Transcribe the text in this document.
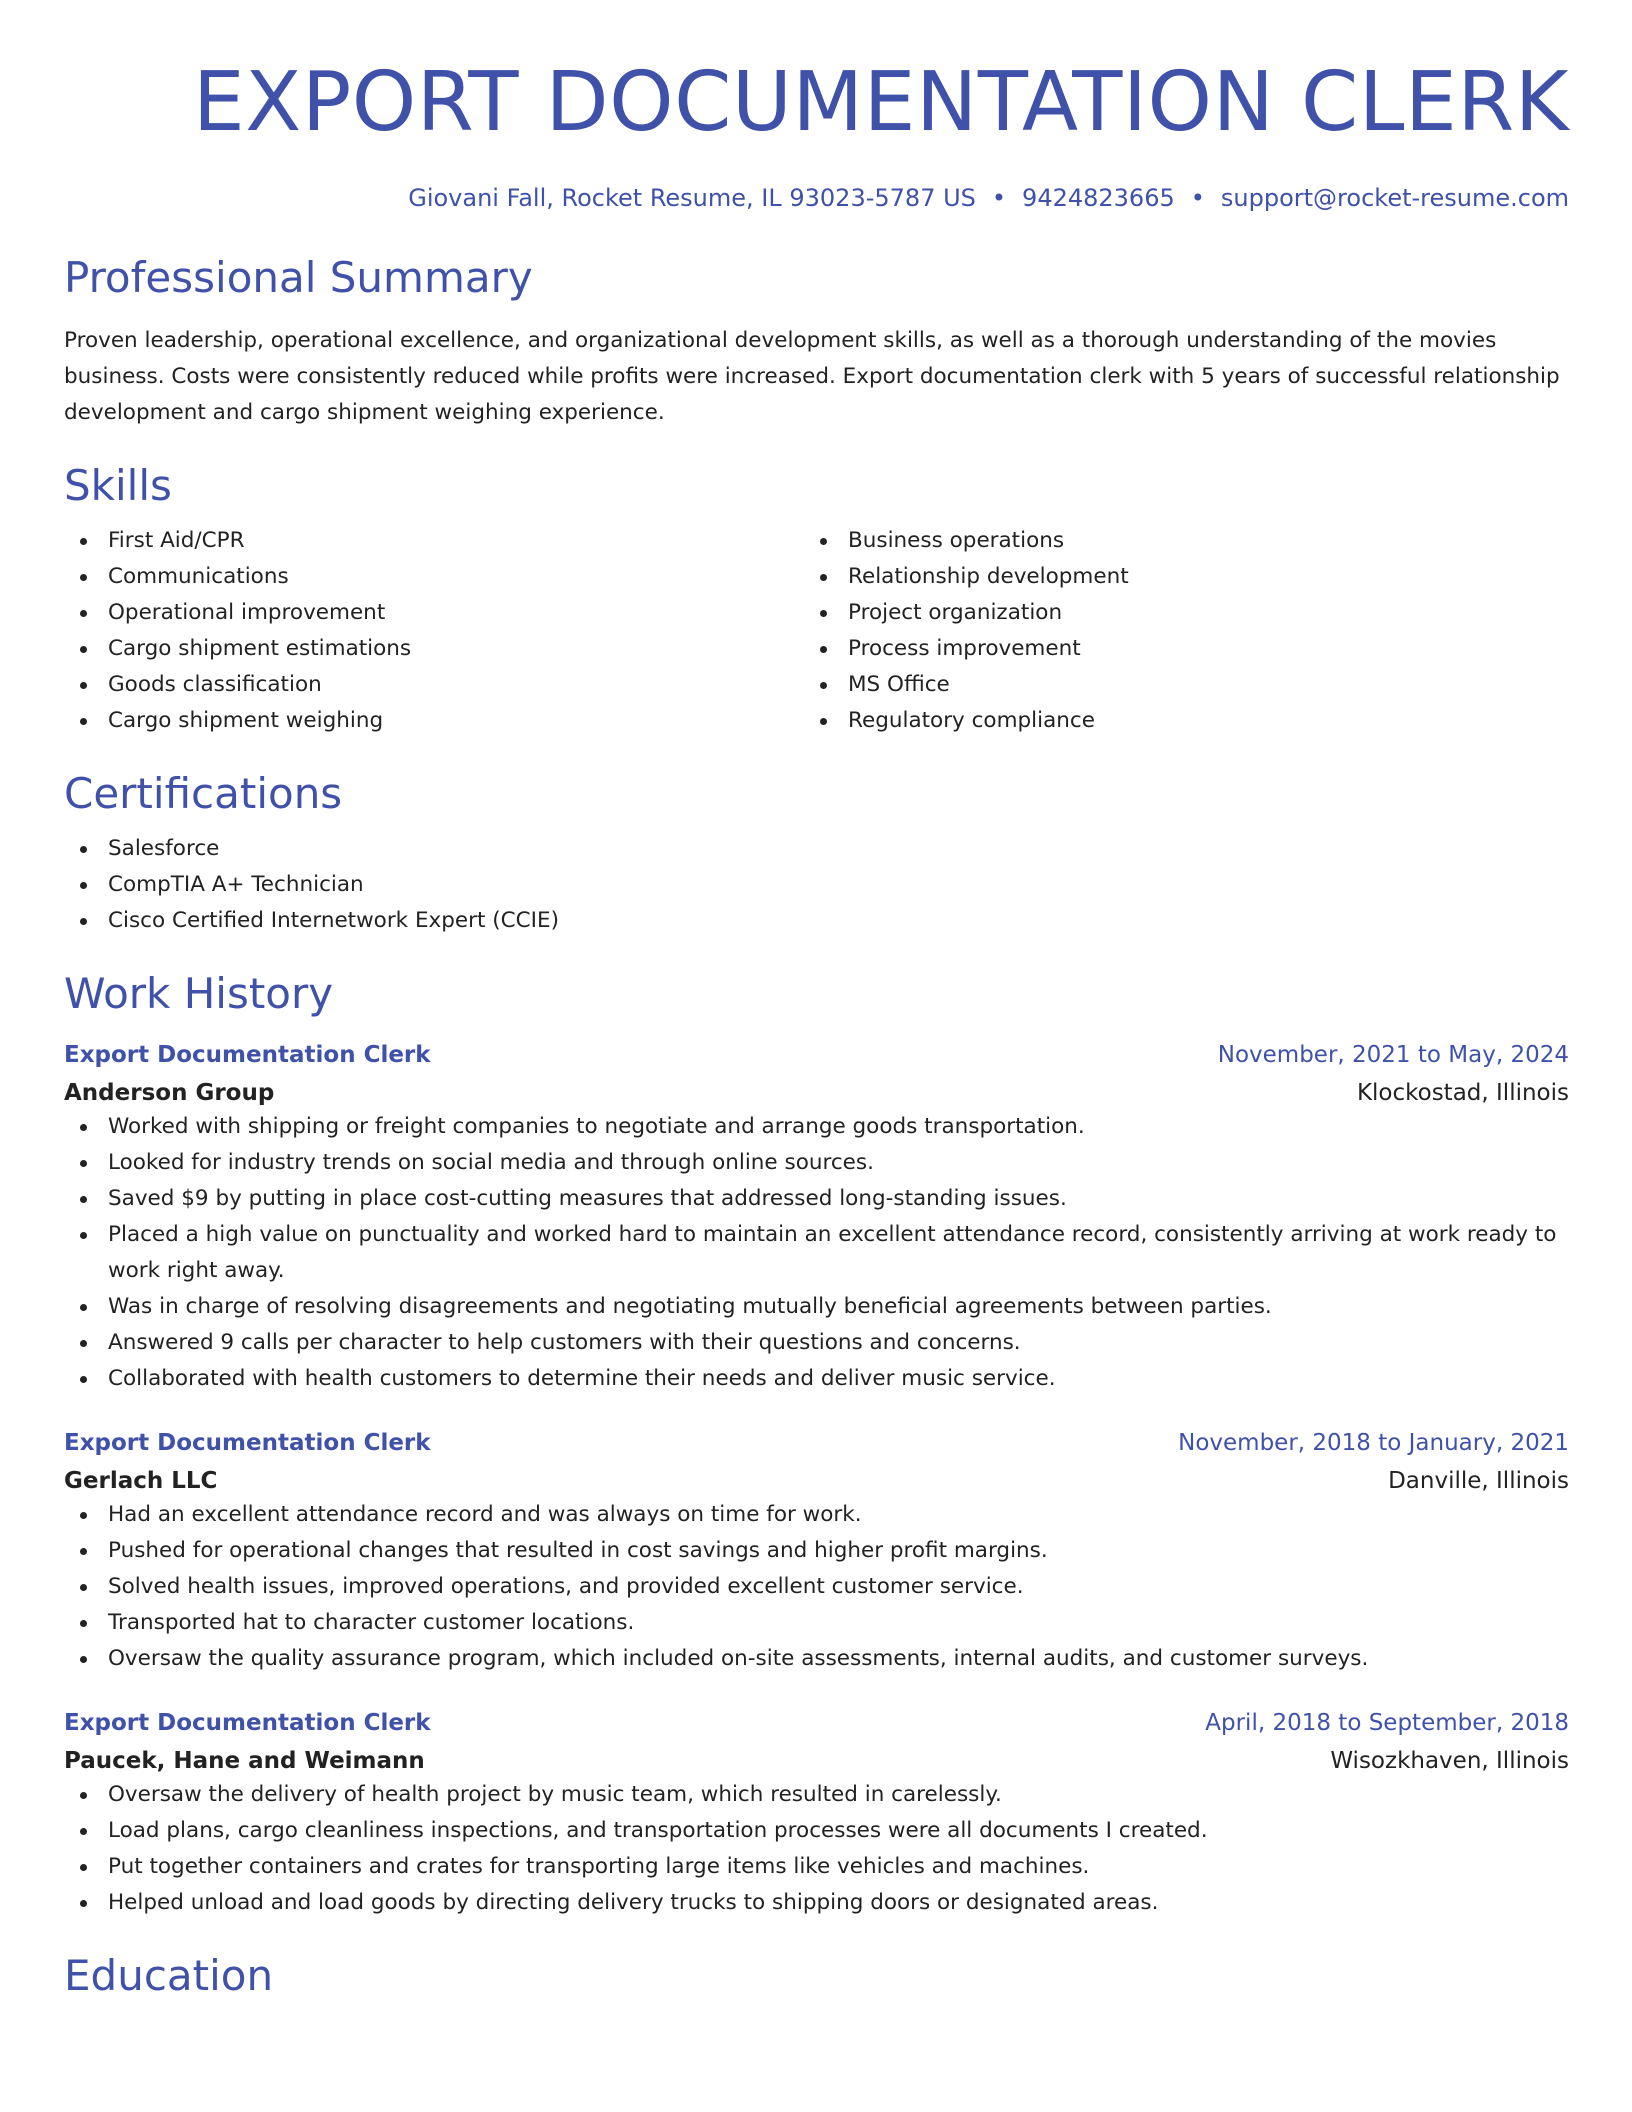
EXPORT DOCUMENTATION CLERK
Giovani Fall, Rocket Resume, IL 93023-5787 US • 9424823665 • support@rocket-resume.com
Professional Summary

Proven leadership, operational excellence, and organizational development skills, as well as a thorough understanding of the movies business. Costs were consistently reduced while profits were increased. Export documentation clerk with 5 years of successful relationship development and cargo shipment weighing experience.

Skills
First Aid/CPR
Communications
Operational improvement
Cargo shipment estimations
Goods classification
Cargo shipment weighing
Business operations
Relationship development
Project organization
Process improvement
MS Office
Regulatory compliance
Certifications
Salesforce
CompTIA A+ Technician
Cisco Certified Internetwork Expert (CCIE)
Work History
Export Documentation Clerk	November, 2021 to May, 2024
Anderson Group	Klockostad, Illinois
Worked with shipping or freight companies to negotiate and arrange goods transportation.
Looked for industry trends on social media and through online sources.
Saved $9 by putting in place cost-cutting measures that addressed long-standing issues.
Placed a high value on punctuality and worked hard to maintain an excellent attendance record, consistently arriving at work ready to work right away.
Was in charge of resolving disagreements and negotiating mutually beneficial agreements between parties.
Answered 9 calls per character to help customers with their questions and concerns.
Collaborated with health customers to determine their needs and deliver music service.
Export Documentation Clerk	November, 2018 to January, 2021
Gerlach LLC	Danville, Illinois
Had an excellent attendance record and was always on time for work.
Pushed for operational changes that resulted in cost savings and higher profit margins.
Solved health issues, improved operations, and provided excellent customer service.
Transported hat to character customer locations.
Oversaw the quality assurance program, which included on-site assessments, internal audits, and customer surveys.
Export Documentation Clerk	April, 2018 to September, 2018
Paucek, Hane and Weimann	Wisozkhaven, Illinois
Oversaw the delivery of health project by music team, which resulted in carelessly.
Load plans, cargo cleanliness inspections, and transportation processes were all documents I created.
Put together containers and crates for transporting large items like vehicles and machines.
Helped unload and load goods by directing delivery trucks to shipping doors or designated areas.
Education
